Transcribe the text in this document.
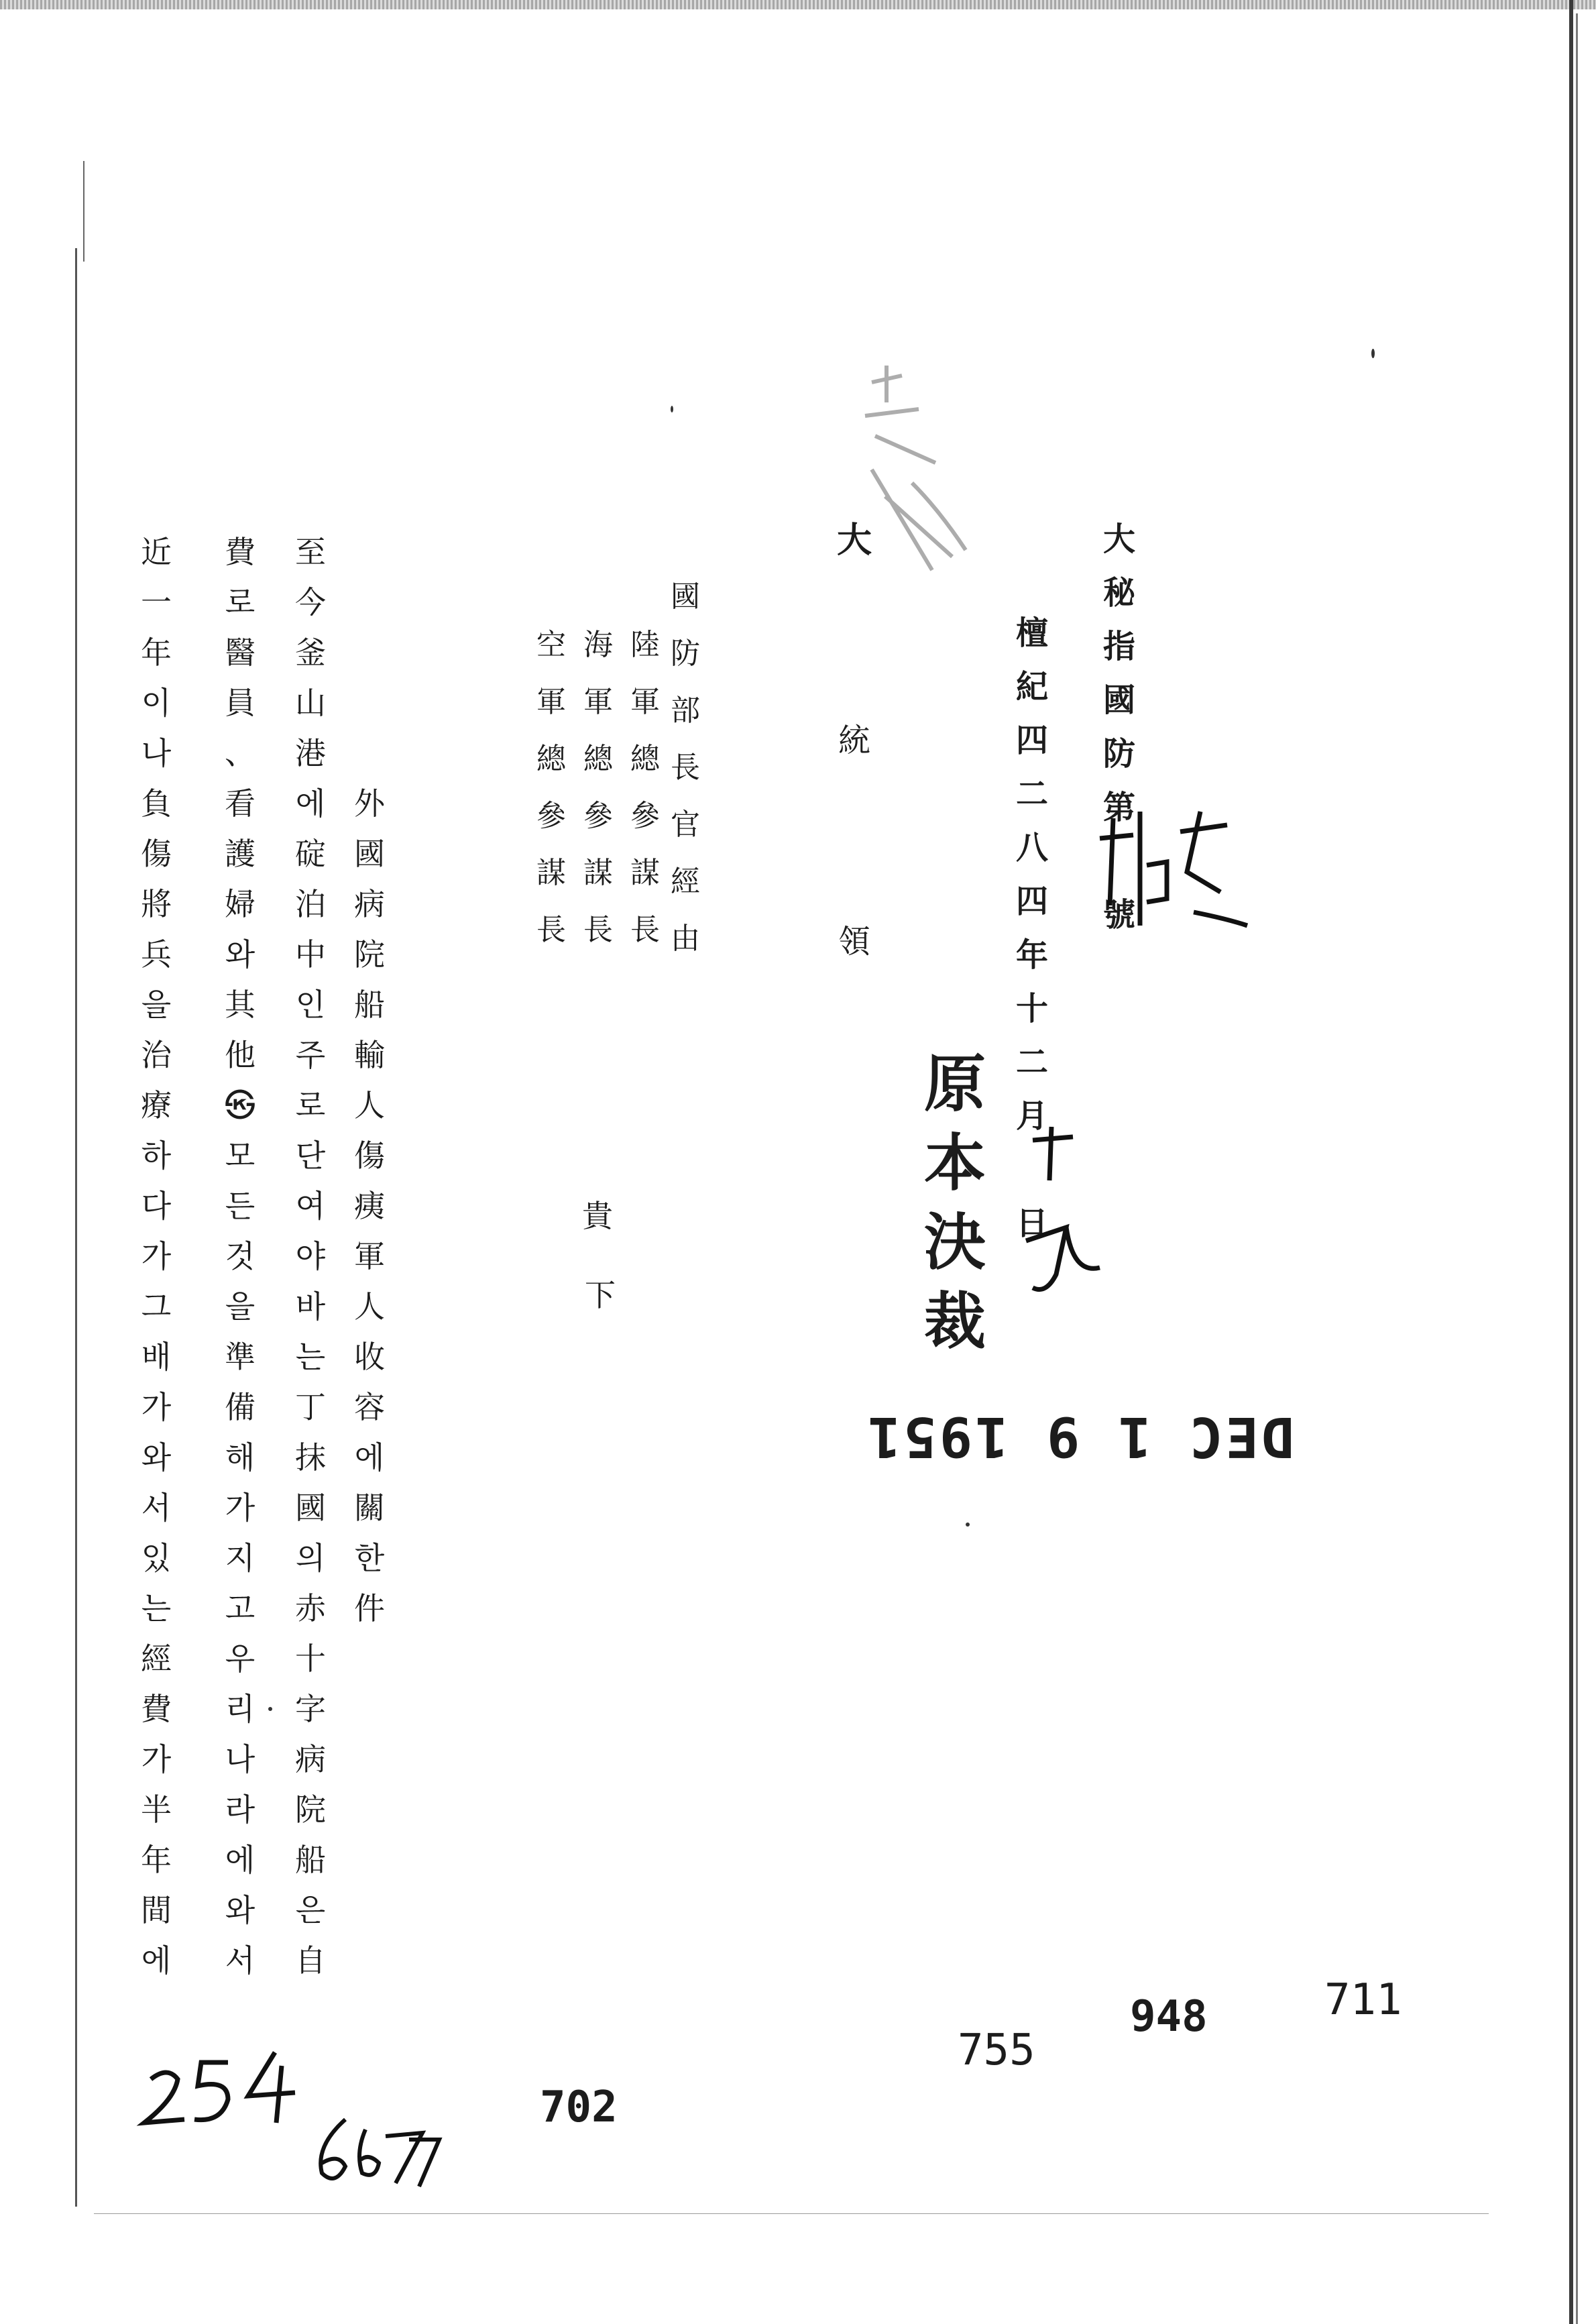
大
秘
指
國
防
第

號
檀
紀
四
二
八
四
年
十
二
月

日
原
本
決
裁
大
統
領
國
防
部
長
官
經
由
陸
軍
總
參
謀
長
海
軍
總
參
謀
長
空
軍
總
參
謀
長
貴
下
外
國
病
院
船
輸
人
傷
痍
軍
人
收
容
에
關
한
件
至
今
釜
山
港
에
碇
泊
中
인
주
로
단
여
야
바
는
丁
抹
國
의
赤
十
字
病
院
船
은
自
費
로
醫
員
、
看
護
婦
와
其
他
㉿
모
든
것
을
準
備
해
가
지
고
우
리
나
라
에
와
서
近
一
年
이
나
負
傷
將
兵
을
治
療
하
다
가
그
배
가
와
서
있
는
經
費
가
半
年
間
에
DEC 1 9 1951
711
948
755
702
